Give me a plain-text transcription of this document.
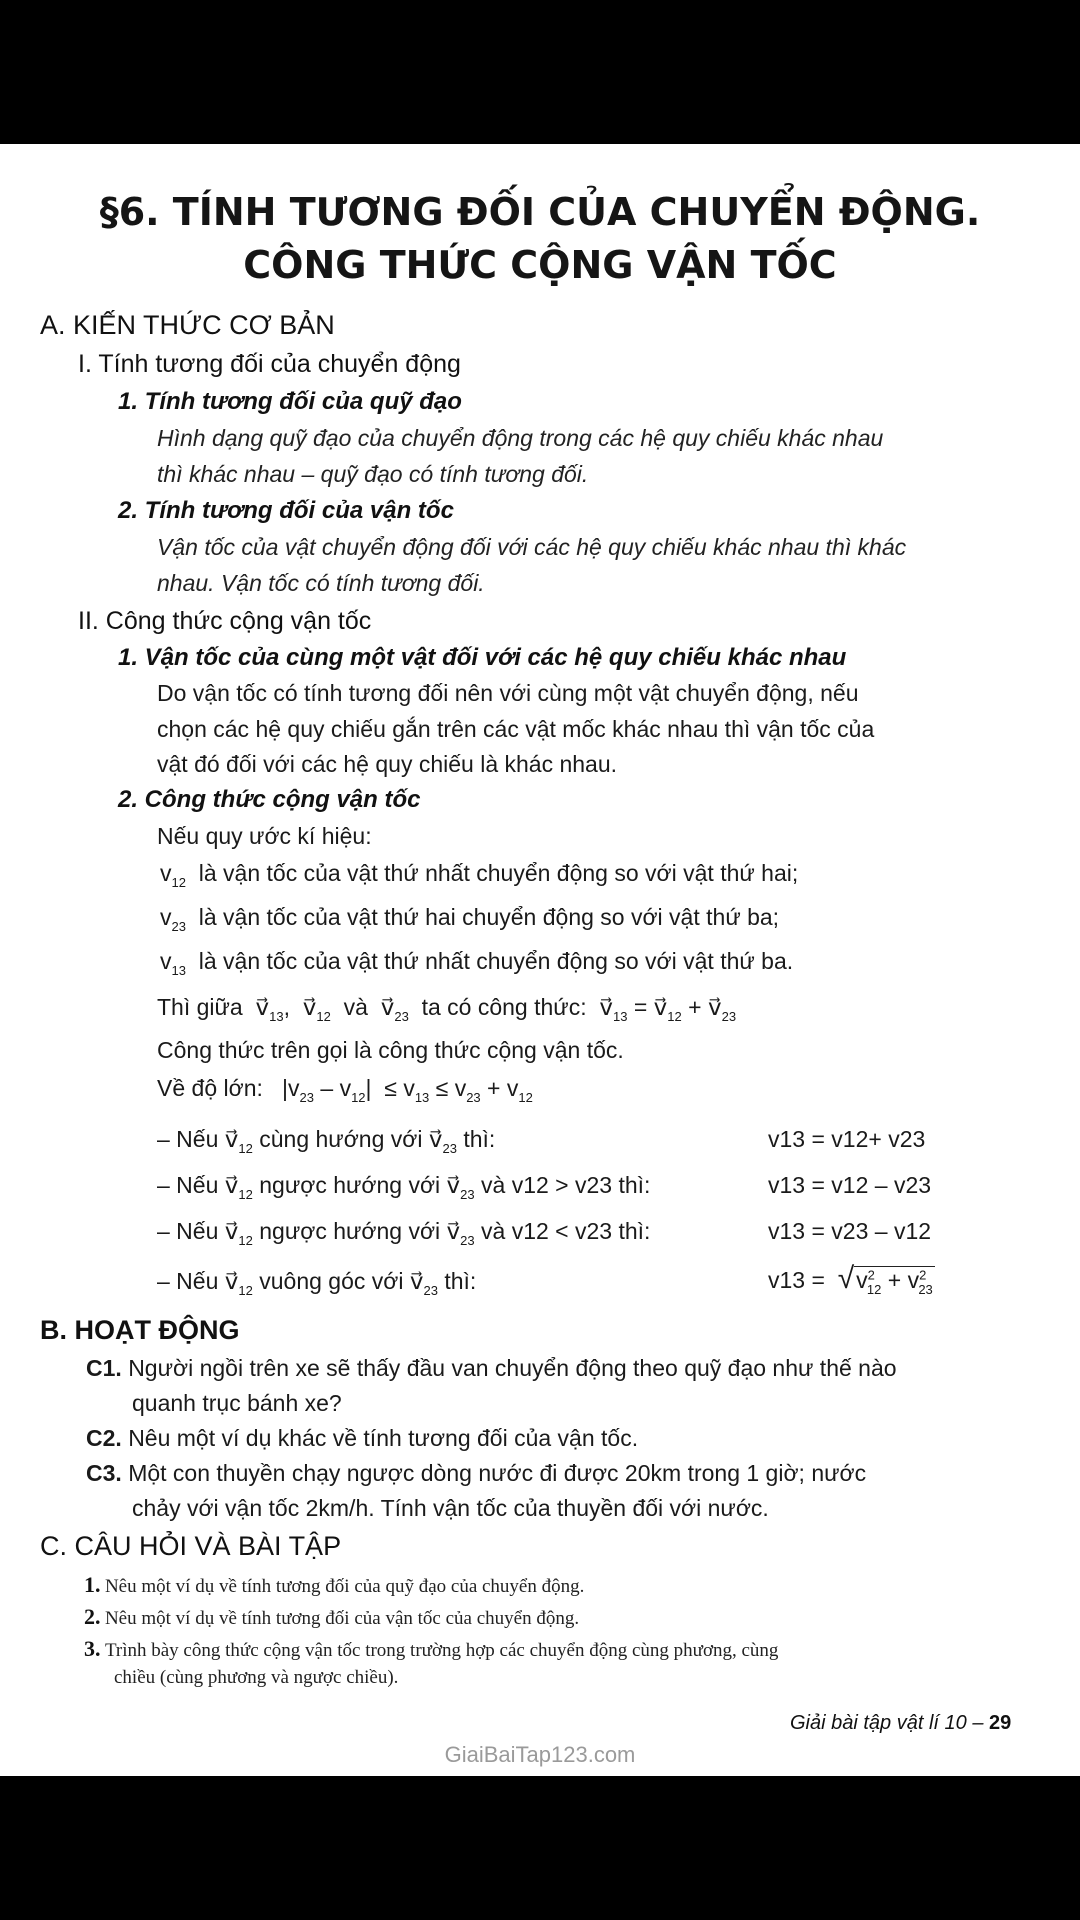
§6. TÍNH TƯƠNG ĐỐI CỦA CHUYỂN ĐỘNG.
CÔNG THỨC CỘNG VẬN TỐC
A. KIẾN THỨC CƠ BẢN
I. Tính tương đối của chuyển động
1. Tính tương đối của quỹ đạo
Hình dạng quỹ đạo của chuyển động trong các hệ quy chiếu khác nhau
thì khác nhau – quỹ đạo có tính tương đối.
2. Tính tương đối của vận tốc
Vận tốc của vật chuyển động đối với các hệ quy chiếu khác nhau thì khác
nhau. Vận tốc có tính tương đối.
II. Công thức cộng vận tốc
1. Vận tốc của cùng một vật đối với các hệ quy chiếu khác nhau
Do vận tốc có tính tương đối nên với cùng một vật chuyển động, nếu
chọn các hệ quy chiếu gắn trên các vật mốc khác nhau thì vận tốc của
vật đó đối với các hệ quy chiếu là khác nhau.
2. Công thức cộng vận tốc
Nếu quy ước kí hiệu:
$v_{12}$ là vận tốc của vật thứ nhất chuyển động so với vật thứ hai;
$v_{23}$ là vận tốc của vật thứ hai chuyển động so với vật thứ ba;
$v_{13}$ là vận tốc của vật thứ nhất chuyển động so với vật thứ ba.
Thì giữa $v⃗_{13}$,  $v⃗_{12}$ và $v⃗_{23}$ ta có công thức: $v⃗_{13}$ = $v⃗_{12}$ + $v⃗_{23}$
Công thức trên gọi là công thức cộng vận tốc.
Về độ lớn: $|v_{23} - v_{12}| \le v_{13} \le v_{23} + v_{12}$
– Nếu $v⃗_{12}$ cùng hướng với $v⃗_{23}$ thì:	v13 = v12+ v23
– Nếu $v⃗_{12}$ ngược hướng với $v⃗_{23}$ và v12 > v23 thì:	v13 = v12 – v23
– Nếu $v⃗_{12}$ ngược hướng với $v⃗_{23}$ và v12 < v23 thì:	v13 = v23 – v12
– Nếu $v⃗_{12}$ vuông góc với $v⃗_{23}$ thì:	$v13 = √v^2_{12} + v^2_{23}$
B. HOẠT ĐỘNG
C1. Người ngồi trên xe sẽ thấy đầu van chuyển động theo quỹ đạo như thế nào
quanh trục bánh xe?
C2. Nêu một ví dụ khác về tính tương đối của vận tốc.
C3. Một con thuyền chạy ngược dòng nước đi được 20km trong 1 giờ; nước
chảy với vận tốc 2km/h. Tính vận tốc của thuyền đối với nước.
C. CÂU HỎI VÀ BÀI TẬP
1. Nêu một ví dụ về tính tương đối của quỹ đạo của chuyển động.
2. Nêu một ví dụ về tính tương đối của vận tốc của chuyển động.
3. Trình bày công thức cộng vận tốc trong trường hợp các chuyển động cùng phương, cùng
chiều (cùng phương và ngược chiều).
Giải bài tập vật lí 10 – 29
GiaiBaiTap123.com
